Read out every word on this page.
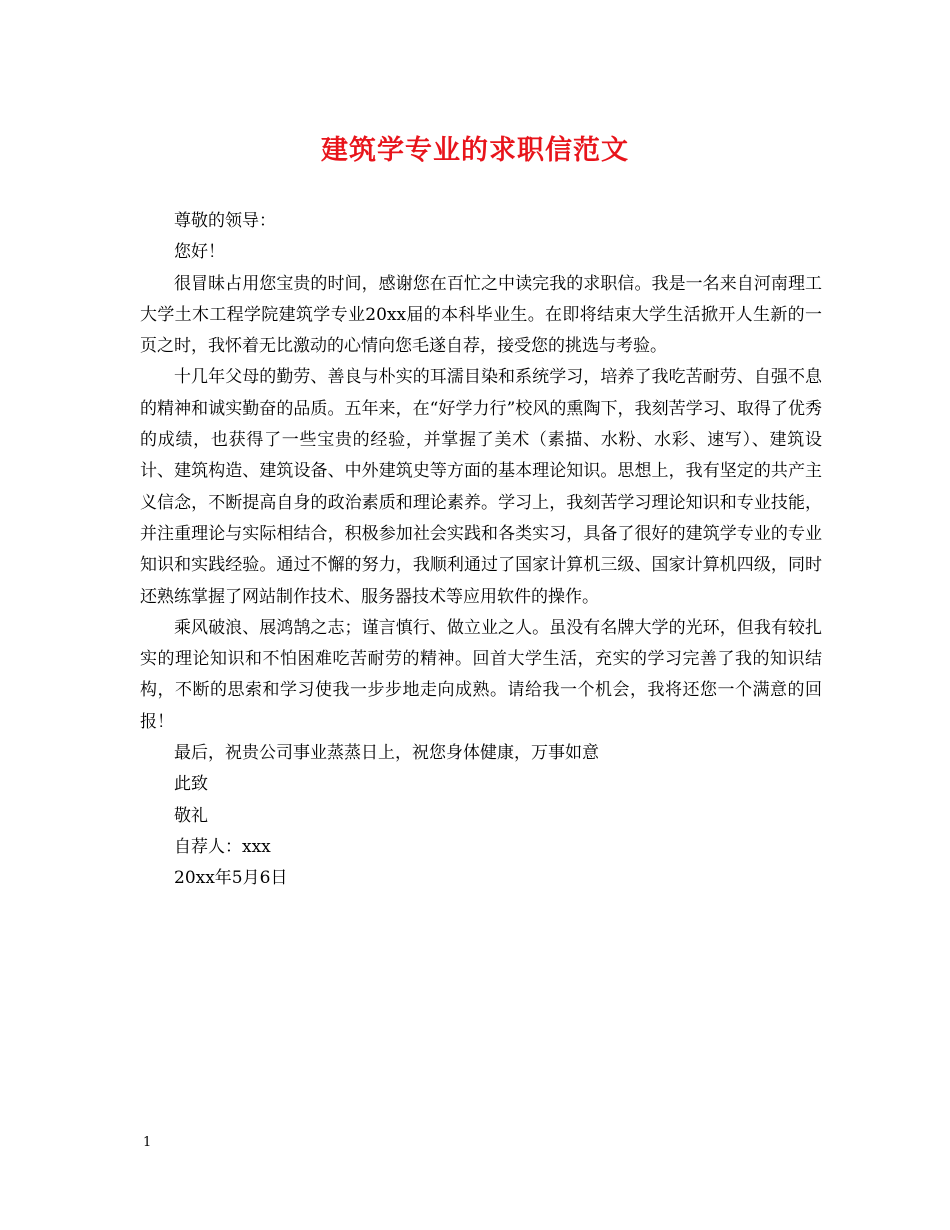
建筑学专业的求职信范文

尊敬的领导：

您好！

很冒昧占用您宝贵的时间，感谢您在百忙之中读完我的求职信。我是一名来自河南理工大学土木工程学院建筑学专业20xx届的本科毕业生。在即将结束大学生活掀开人生新的一页之时，我怀着无比激动的心情向您毛遂自荐，接受您的挑选与考验。

十几年父母的勤劳、善良与朴实的耳濡目染和系统学习，培养了我吃苦耐劳、自强不息的精神和诚实勤奋的品质。五年来，在“好学力行”校风的熏陶下，我刻苦学习、取得了优秀的成绩，也获得了一些宝贵的经验，并掌握了美术（素描、水粉、水彩、速写）、建筑设计、建筑构造、建筑设备、中外建筑史等方面的基本理论知识。思想上，我有坚定的共产主义信念，不断提高自身的政治素质和理论素养。学习上，我刻苦学习理论知识和专业技能，并注重理论与实际相结合，积极参加社会实践和各类实习，具备了很好的建筑学专业的专业知识和实践经验。通过不懈的努力，我顺利通过了国家计算机三级、国家计算机四级，同时还熟练掌握了网站制作技术、服务器技术等应用软件的操作。

乘风破浪、展鸿鹄之志；谨言慎行、做立业之人。虽没有名牌大学的光环，但我有较扎实的理论知识和不怕困难吃苦耐劳的精神。回首大学生活，充实的学习完善了我的知识结构，不断的思索和学习使我一步步地走向成熟。请给我一个机会，我将还您一个满意的回报！

最后，祝贵公司事业蒸蒸日上，祝您身体健康，万事如意

此致

敬礼

自荐人：xxx

20xx年5月6日

1
